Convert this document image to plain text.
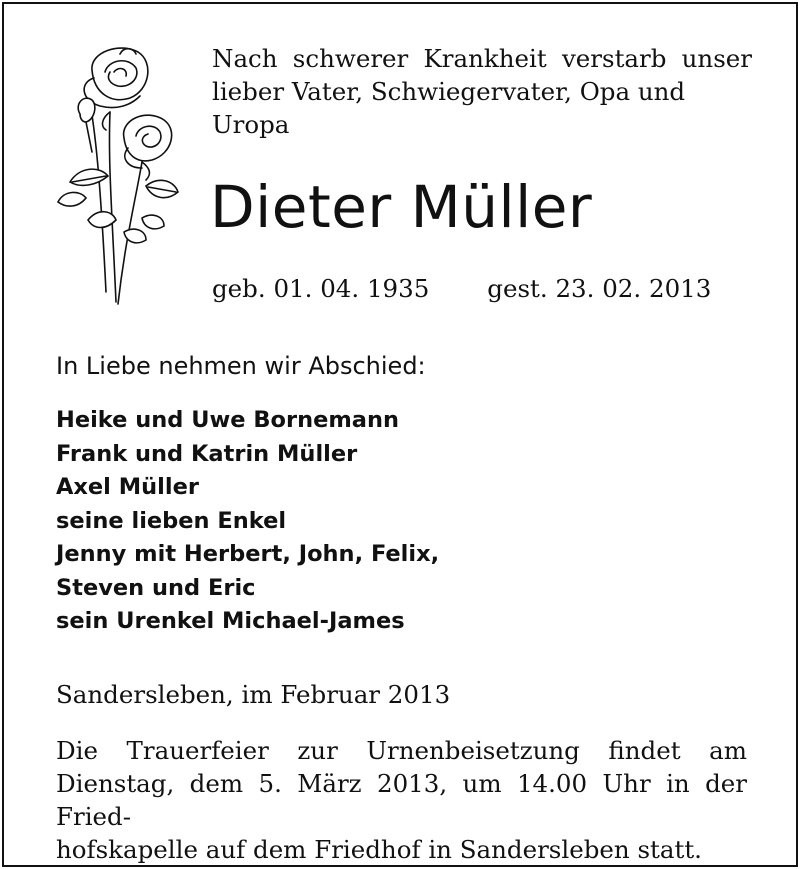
Nach schwerer Krankheit verstarb unser
lieber Vater, Schwiegervater, Opa und Uropa
Dieter Müller
geb. 01. 04. 1935 gest. 23. 02. 2013
In Liebe nehmen wir Abschied:
Heike und Uwe Bornemann
Frank und Katrin Müller
Axel Müller
seine lieben Enkel
Jenny mit Herbert, John, Felix,
Steven und Eric
sein Urenkel Michael-James
Sandersleben, im Februar 2013
Die Trauerfeier zur Urnenbeisetzung findet am
Dienstag, dem 5. März 2013, um 14.00 Uhr in der Fried-
hofskapelle auf dem Friedhof in Sandersleben statt.
